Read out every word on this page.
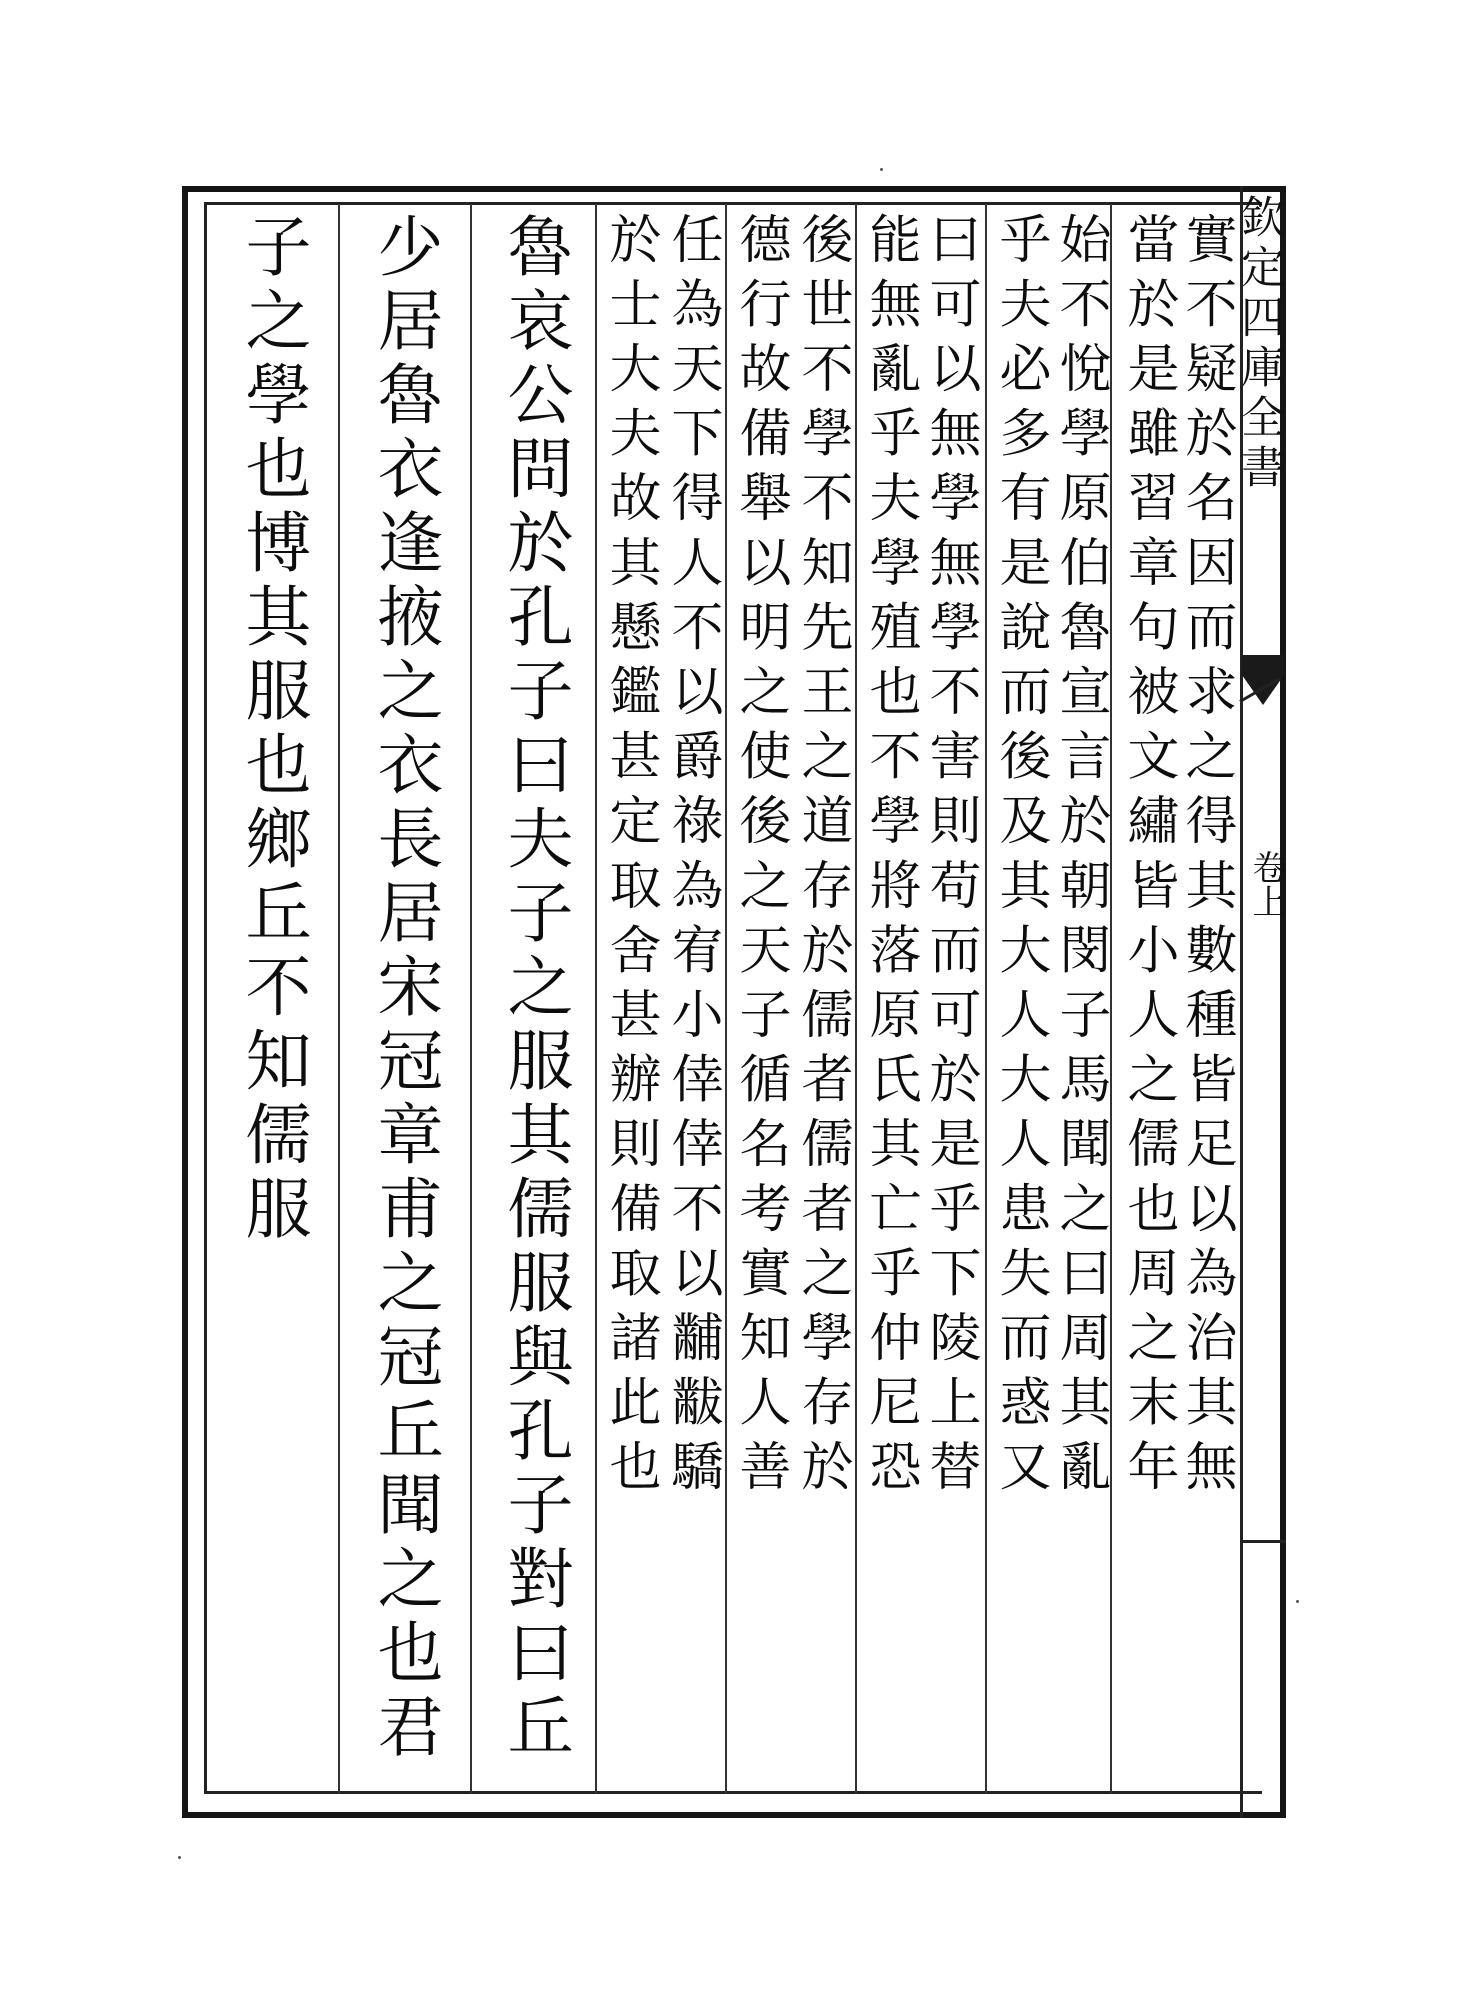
欽定四庫全書
卷上
實不疑於名因而求之得其數種皆足以為治其無
當於是雖習章句被文繡皆小人之儒也周之末年
始不悅學原伯魯宣言於朝閔子馬聞之曰周其亂
乎夫必多有是說而後及其大人大人患失而惑又
曰可以無學無學不害則苟而可於是乎下陵上替
能無亂乎夫學殖也不學將落原氏其亡乎仲尼恐
後世不學不知先王之道存於儒者儒者之學存於
德行故備舉以明之使後之天子循名考實知人善
任為天下得人不以爵祿為宥小倖倖不以黼黻驕
於士大夫故其懸鑑甚定取舍甚辦則備取諸此也
魯哀公問於孔子曰夫子之服其儒服與孔子對曰丘
少居魯衣逢掖之衣長居宋冠章甫之冠丘聞之也君
子之學也博其服也鄉丘不知儒服
